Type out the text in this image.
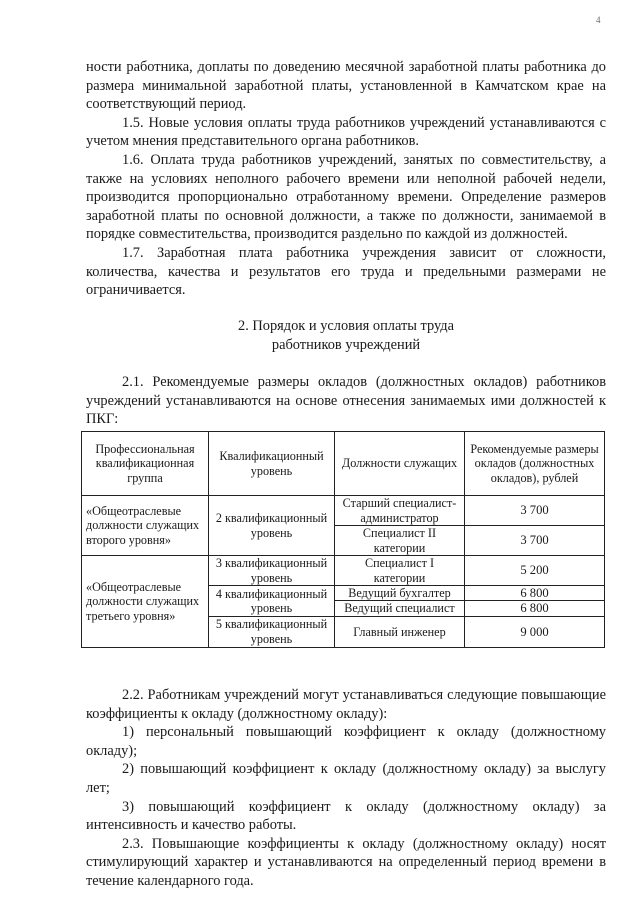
4

ности работника, доплаты по доведению месячной заработной платы работника до размера минимальной заработной платы, установленной в Камчатском крае на соответствующий период.

1.5. Новые условия оплаты труда работников учреждений устанавливаются с учетом мнения представительного органа работников.

1.6. Оплата труда работников учреждений, занятых по совместительству, а также на условиях неполного рабочего времени или неполной рабочей недели, производится пропорционально отработанному времени. Определение размеров заработной платы по основной должности, а также по должности, занимаемой в порядке совместительства, производится раздельно по каждой из должностей.

1.7. Заработная плата работника учреждения зависит от сложности, количества, качества и результатов его труда и предельными размерами не ограничивается.

2. Порядок и условия оплаты труда
работников учреждений

2.1. Рекомендуемые размеры окладов (должностных окладов) работников учреждений устанавливаются на основе отнесения занимаемых ими должностей к ПКГ:

Профессиональная квалификационная группа	Квалификационный уровень	Должности служащих	Рекомендуемые размеры окладов (должностных окладов), рублей
«Общеотраслевые должности служащих второго уровня»	2 квалификационный уровень	Старший специалист-администратор	3 700
		Специалист II категории	3 700
«Общеотраслевые должности служащих третьего уровня»	3 квалификационный уровень	Специалист I категории	5 200
	4 квалификационный уровень	Ведущий бухгалтер	6 800
		Ведущий специалист	6 800
	5 квалификационный уровень	Главный инженер	9 000

2.2. Работникам учреждений могут устанавливаться следующие повышающие коэффициенты к окладу (должностному окладу):

1) персональный повышающий коэффициент к окладу (должностному окладу);

2) повышающий коэффициент к окладу (должностному окладу) за выслугу лет;

3) повышающий коэффициент к окладу (должностному окладу) за интенсивность и качество работы.

2.3. Повышающие коэффициенты к окладу (должностному окладу) носят стимулирующий характер и устанавливаются на определенный период времени в течение календарного года.
